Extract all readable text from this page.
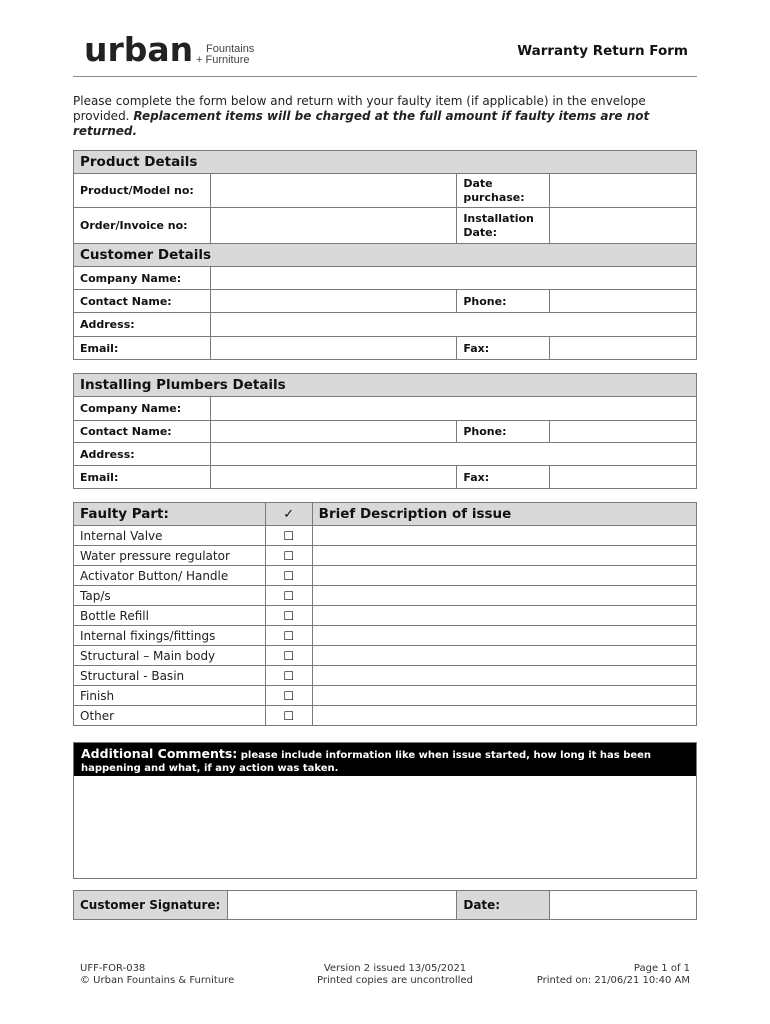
urban	Fountains
+ Furniture
Warranty Return Form
Please complete the form below and return with your faulty item (if applicable) in the envelope provided. Replacement items will be charged at the full amount if faulty items are not returned.
Product Details			
Product/Model no:		Date purchase:	
Order/Invoice no:		Installation Date:	
Customer Details			
Company Name:			
Contact Name:		Phone:	
Address:			
Email:		Fax:	
Installing Plumbers Details			
Company Name:			
Contact Name:		Phone:	
Address:			
Email:		Fax:	
Faulty Part:	✓	Brief Description of issue
Internal Valve	☐	
Water pressure regulator	☐	
Activator Button/ Handle	☐	
Tap/s	☐	
Bottle Refill	☐	
Internal fixings/fittings	☐	
Structural – Main body	☐	
Structural - Basin	☐	
Finish	☐	
Other	☐	
Additional Comments: please include information like when issue started, how long it has been happening and what, if any action was taken.
Customer Signature:		Date:	
UFF-FOR-038
© Urban Fountains & Furniture
Version 2 issued 13/05/2021
Printed copies are uncontrolled
Page 1 of 1
Printed on: 21/06/21 10:40 AM
